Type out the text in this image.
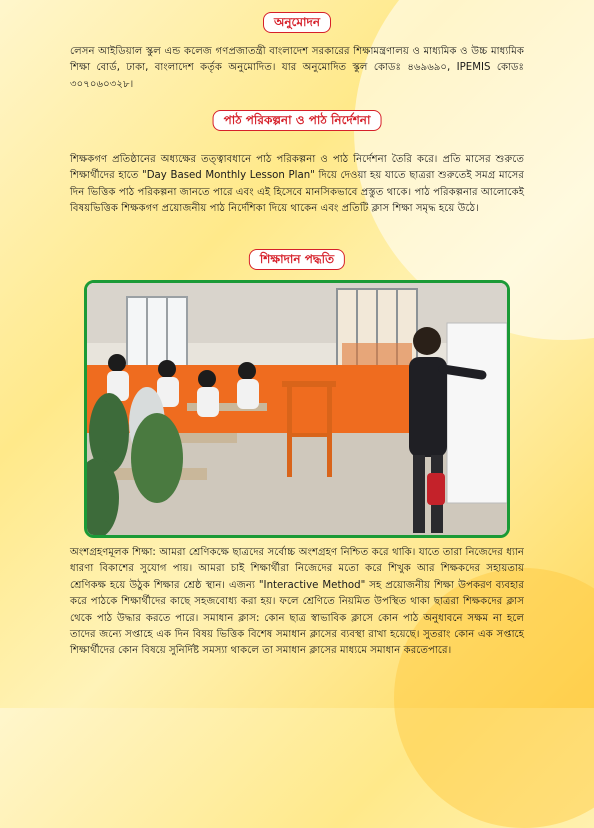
অনুমোদন
লেসন আইডিয়াল স্কুল এন্ড কলেজ গণপ্রজাতন্ত্রী বাংলাদেশ সরকারের শিক্ষামন্ত্রণালয় ও মাধ্যমিক ও উচ্চ মাধ্যমিক শিক্ষা বোর্ড, ঢাকা, বাংলাদেশ কর্তৃক অনুমোদিত। যার অনুমোদিত স্কুল কোডঃ ৪৬৯৬৯০, IPEMIS কোডঃ ৩০৭০৬০৩২৮।
পাঠ পরিকল্পনা ও পাঠ নির্দেশনা
শিক্ষকগণ প্রতিষ্ঠানের অধ্যক্ষের তত্ত্বাবধানে পাঠ পরিকল্পনা ও পাঠ নির্দেশনা তৈরি করে। প্রতি মাসের শুরুতে শিক্ষার্থীদের হাতে "Day Based Monthly Lesson Plan" দিয়ে দেওয়া হয় যাতে ছাত্ররা শুরুতেই সমগ্র মাসের দিন ভিত্তিক পাঠ পরিকল্পনা জানতে পারে এবং এই হিসেবে মানসিকভাবে প্রস্তুত থাকে। পাঠ পরিকল্পনার আলোকেই বিষয়ভিত্তিক শিক্ষকগণ প্রয়োজনীয় পাঠ নির্দেশিকা দিয়ে থাকেন এবং প্রতিটি ক্লাস শিক্ষা সমৃদ্ধ হয়ে উঠে।
শিক্ষাদান পদ্ধতি
অংশগ্রহণমূলক শিক্ষা: আমরা শ্রেণিকক্ষে ছাত্রদের সর্বোচ্চ অংশগ্রহণ নিশ্চিত করে থাকি। যাতে তারা নিজেদের ধ্যান ধারণা বিকাশের সুযোগ পায়। আমরা চাই শিক্ষার্থীরা নিজেদের মতো করে শিখুক আর শিক্ষকদের সহায়তায় শ্রেণিকক্ষ হয়ে উঠুক শিক্ষার শ্রেষ্ঠ স্থান। এজন্য "Interactive Method" সহ প্রয়োজনীয় শিক্ষা উপকরণ ব্যবহার করে পাঠকে শিক্ষার্থীদের কাছে সহজবোধ্য করা হয়। ফলে শ্রেণিতে নিয়মিত উপস্থিত থাকা ছাত্ররা শিক্ষকদের ক্লাস থেকে পাঠ উদ্ধার করতে পারে। সমাধান ক্লাস: কোন ছাত্র স্বাভাবিক ক্লাসে কোন পাঠ অনুধাবনে সক্ষম না হলে তাদের জন্যে সপ্তাহে এক দিন বিষয় ভিত্তিক বিশেষ সমাধান ক্লাসের ব্যবস্থা রাখা হয়েছে। সুতরাং কোন এক সপ্তাহে শিক্ষার্থীদের কোন বিষয়ে সুনির্দিষ্ট সমস্যা থাকলে তা সমাধান ক্লাসের মাধ্যমে সমাধান করতেপারে।
